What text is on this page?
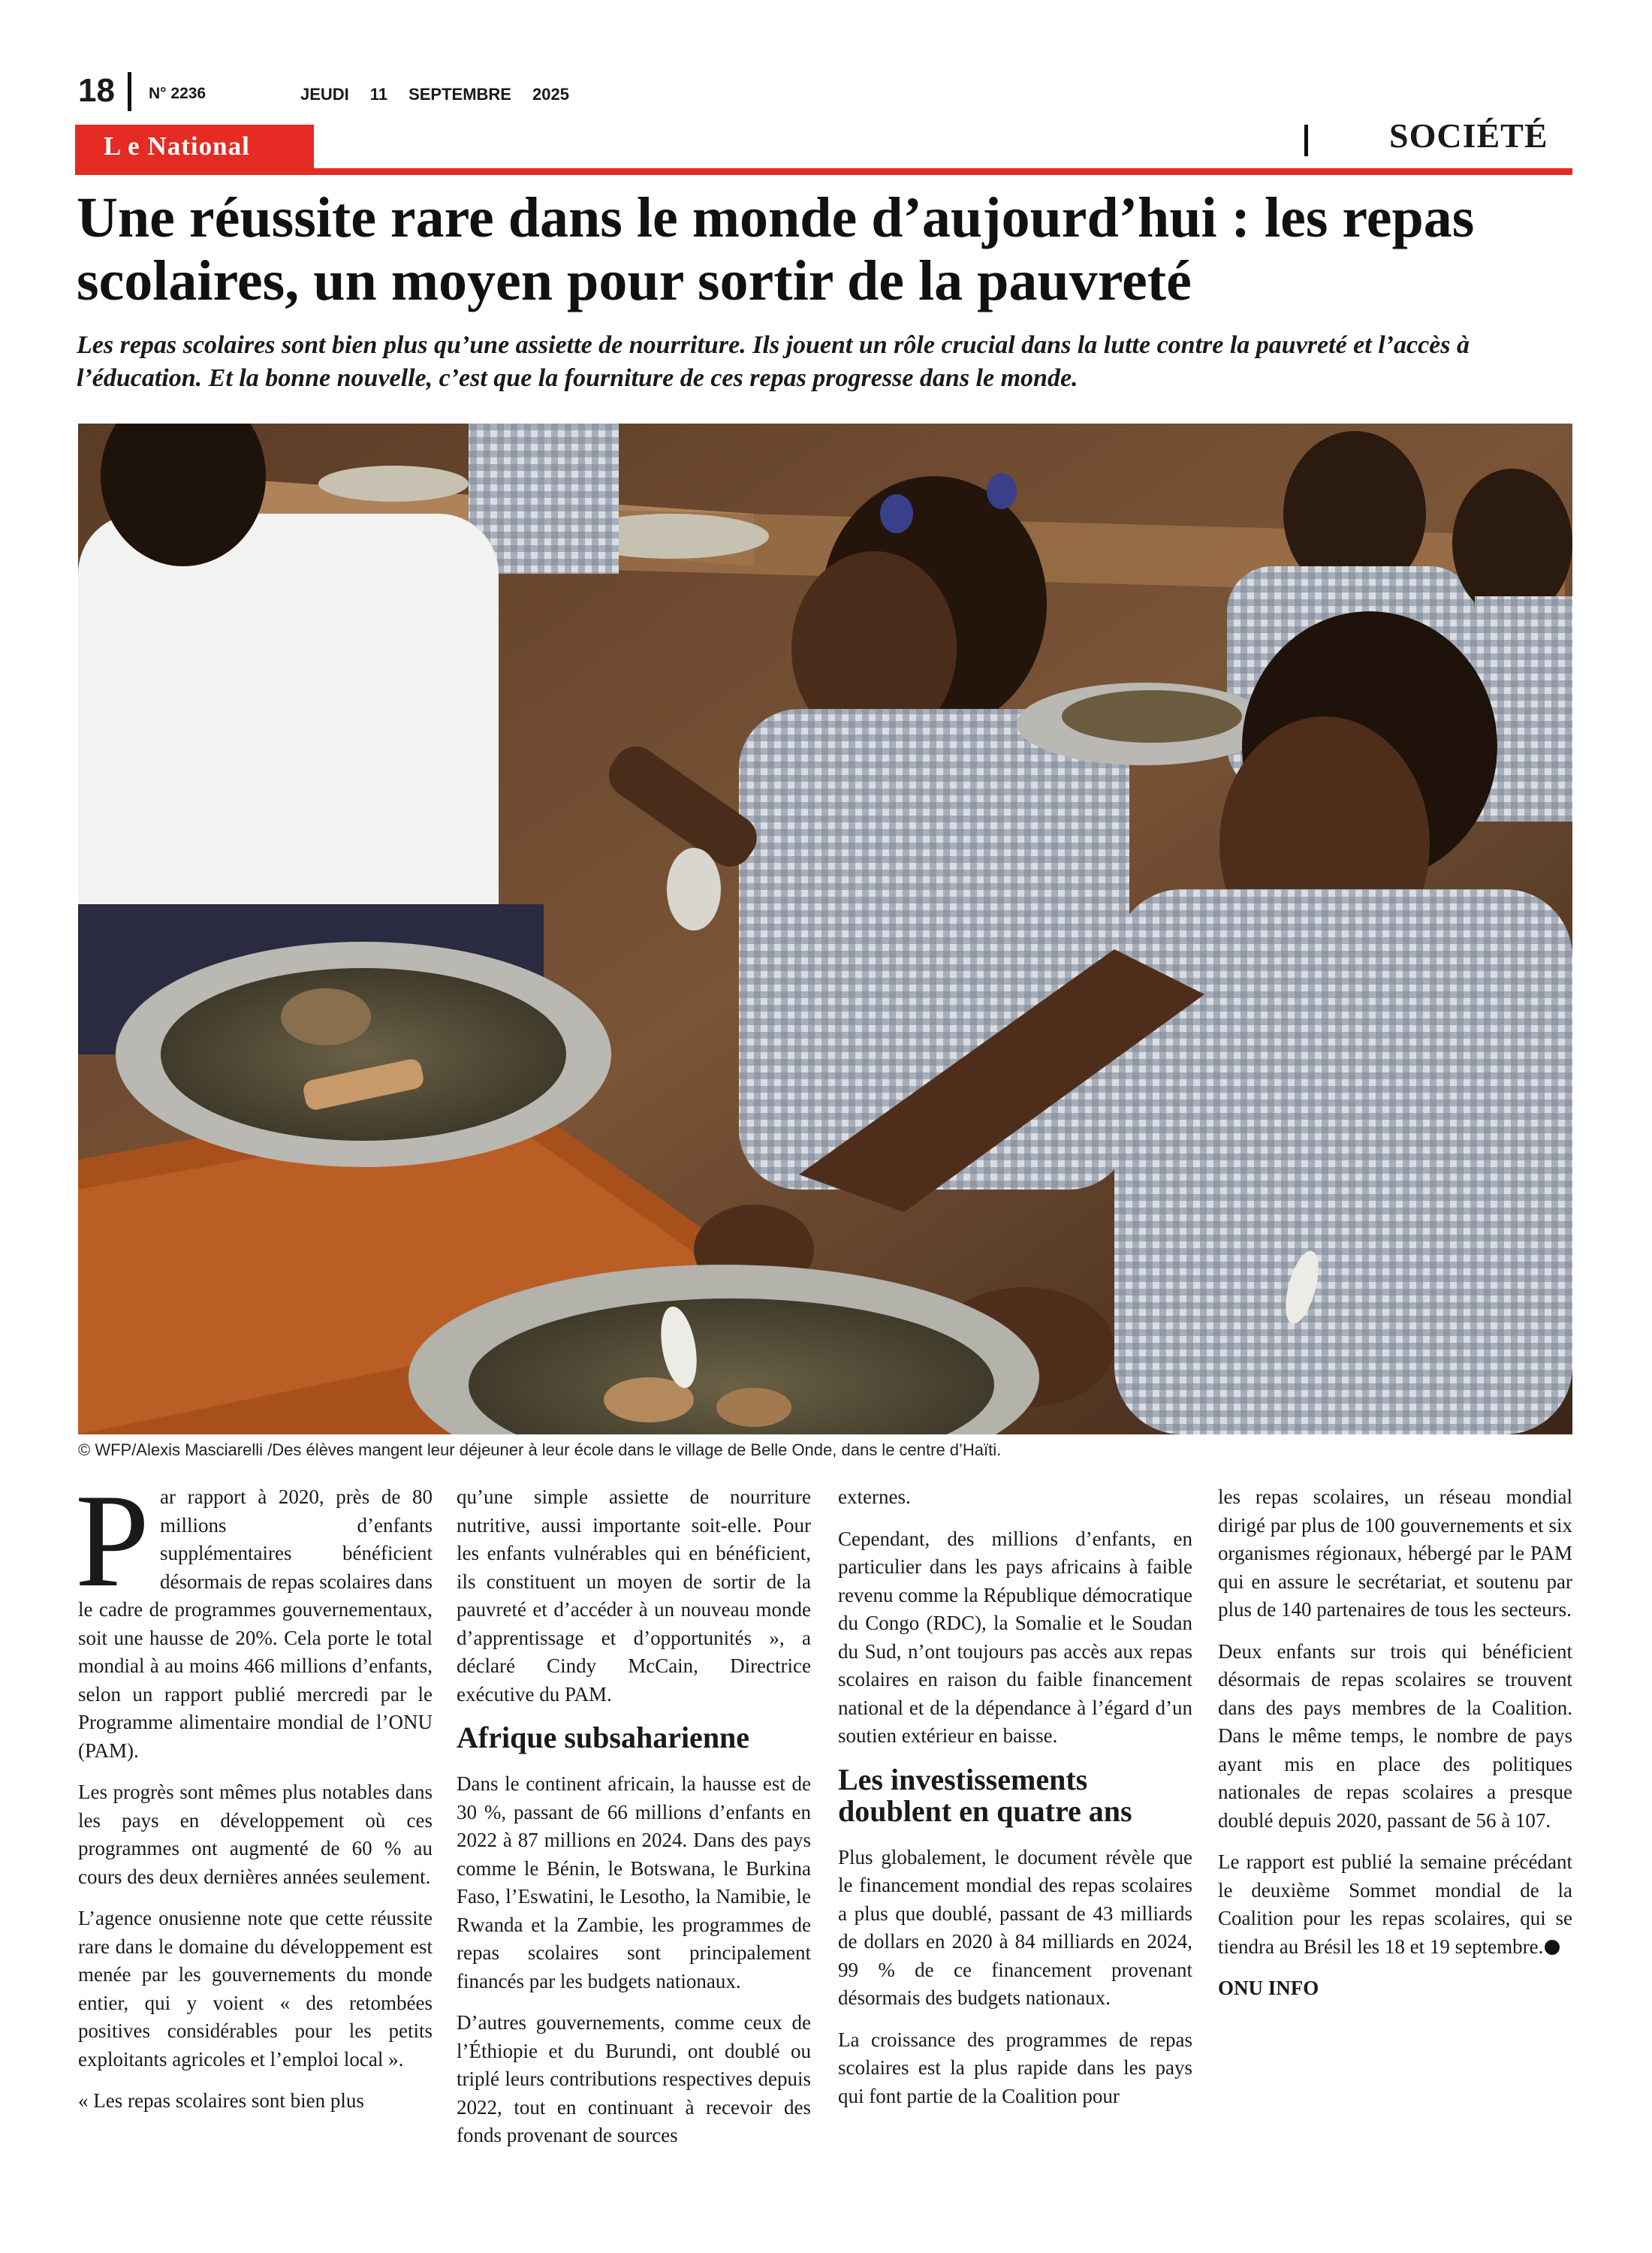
18 N° 2236	JEUDI 11 SEPTEMBRE 2025
L e National	SOCIÉTÉ
Une réussite rare dans le monde d’aujourd’hui : les repas scolaires, un moyen pour sortir de la pauvreté

Les repas scolaires sont bien plus qu’une assiette de nourriture. Ils jouent un rôle crucial dans la lutte contre la pauvreté et l’accès à l’éducation. Et la bonne nouvelle, c’est que la fourniture de ces repas progresse dans le monde.

© WFP/Alexis Masciarelli /Des élèves mangent leur déjeuner à leur école dans le village de Belle Onde, dans le centre d’Haïti.

Par rapport à 2020, près de 80 millions d’enfants supplémentaires bénéficient désormais de repas scolaires dans le cadre de programmes gouvernementaux, soit une hausse de 20%. Cela porte le total mondial à au moins 466 millions d’enfants, selon un rapport publié mercredi par le Programme alimentaire mondial de l’ONU (PAM).

Les progrès sont mêmes plus notables dans les pays en développement où ces programmes ont augmenté de 60 % au cours des deux dernières années seulement.

L’agence onusienne note que cette réussite rare dans le domaine du développement est menée par les gouvernements du monde entier, qui y voient « des retombées positives considérables pour les petits exploitants agricoles et l’emploi local ».

« Les repas scolaires sont bien plus

qu’une simple assiette de nourriture nutritive, aussi importante soit-elle. Pour les enfants vulnérables qui en bénéficient, ils constituent un moyen de sortir de la pauvreté et d’accéder à un nouveau monde d’apprentissage et d’opportunités », a déclaré Cindy McCain, Directrice exécutive du PAM.

Afrique subsaharienne

Dans le continent africain, la hausse est de 30 %, passant de 66 millions d’enfants en 2022 à 87 millions en 2024. Dans des pays comme le Bénin, le Botswana, le Burkina Faso, l’Eswatini, le Lesotho, la Namibie, le Rwanda et la Zambie, les programmes de repas scolaires sont principalement financés par les budgets nationaux.

D’autres gouvernements, comme ceux de l’Éthiopie et du Burundi, ont doublé ou triplé leurs contributions respectives depuis 2022, tout en continuant à recevoir des fonds provenant de sources

externes.

Cependant, des millions d’enfants, en particulier dans les pays africains à faible revenu comme la République démocratique du Congo (RDC), la Somalie et le Soudan du Sud, n’ont toujours pas accès aux repas scolaires en raison du faible financement national et de la dépendance à l’égard d’un soutien extérieur en baisse.

Les investissements doublent en quatre ans

Plus globalement, le document révèle que le financement mondial des repas scolaires a plus que doublé, passant de 43 milliards de dollars en 2020 à 84 milliards en 2024, 99 % de ce financement provenant désormais des budgets nationaux.

La croissance des programmes de repas scolaires est la plus rapide dans les pays qui font partie de la Coalition pour

les repas scolaires, un réseau mondial dirigé par plus de 100 gouvernements et six organismes régionaux, hébergé par le PAM qui en assure le secrétariat, et soutenu par plus de 140 partenaires de tous les secteurs.

Deux enfants sur trois qui bénéficient désormais de repas scolaires se trouvent dans des pays membres de la Coalition. Dans le même temps, le nombre de pays ayant mis en place des politiques nationales de repas scolaires a presque doublé depuis 2020, passant de 56 à 107.

Le rapport est publié la semaine précédant le deuxième Sommet mondial de la Coalition pour les repas scolaires, qui se tiendra au Brésil les 18 et 19 septembre.

ONU INFO
